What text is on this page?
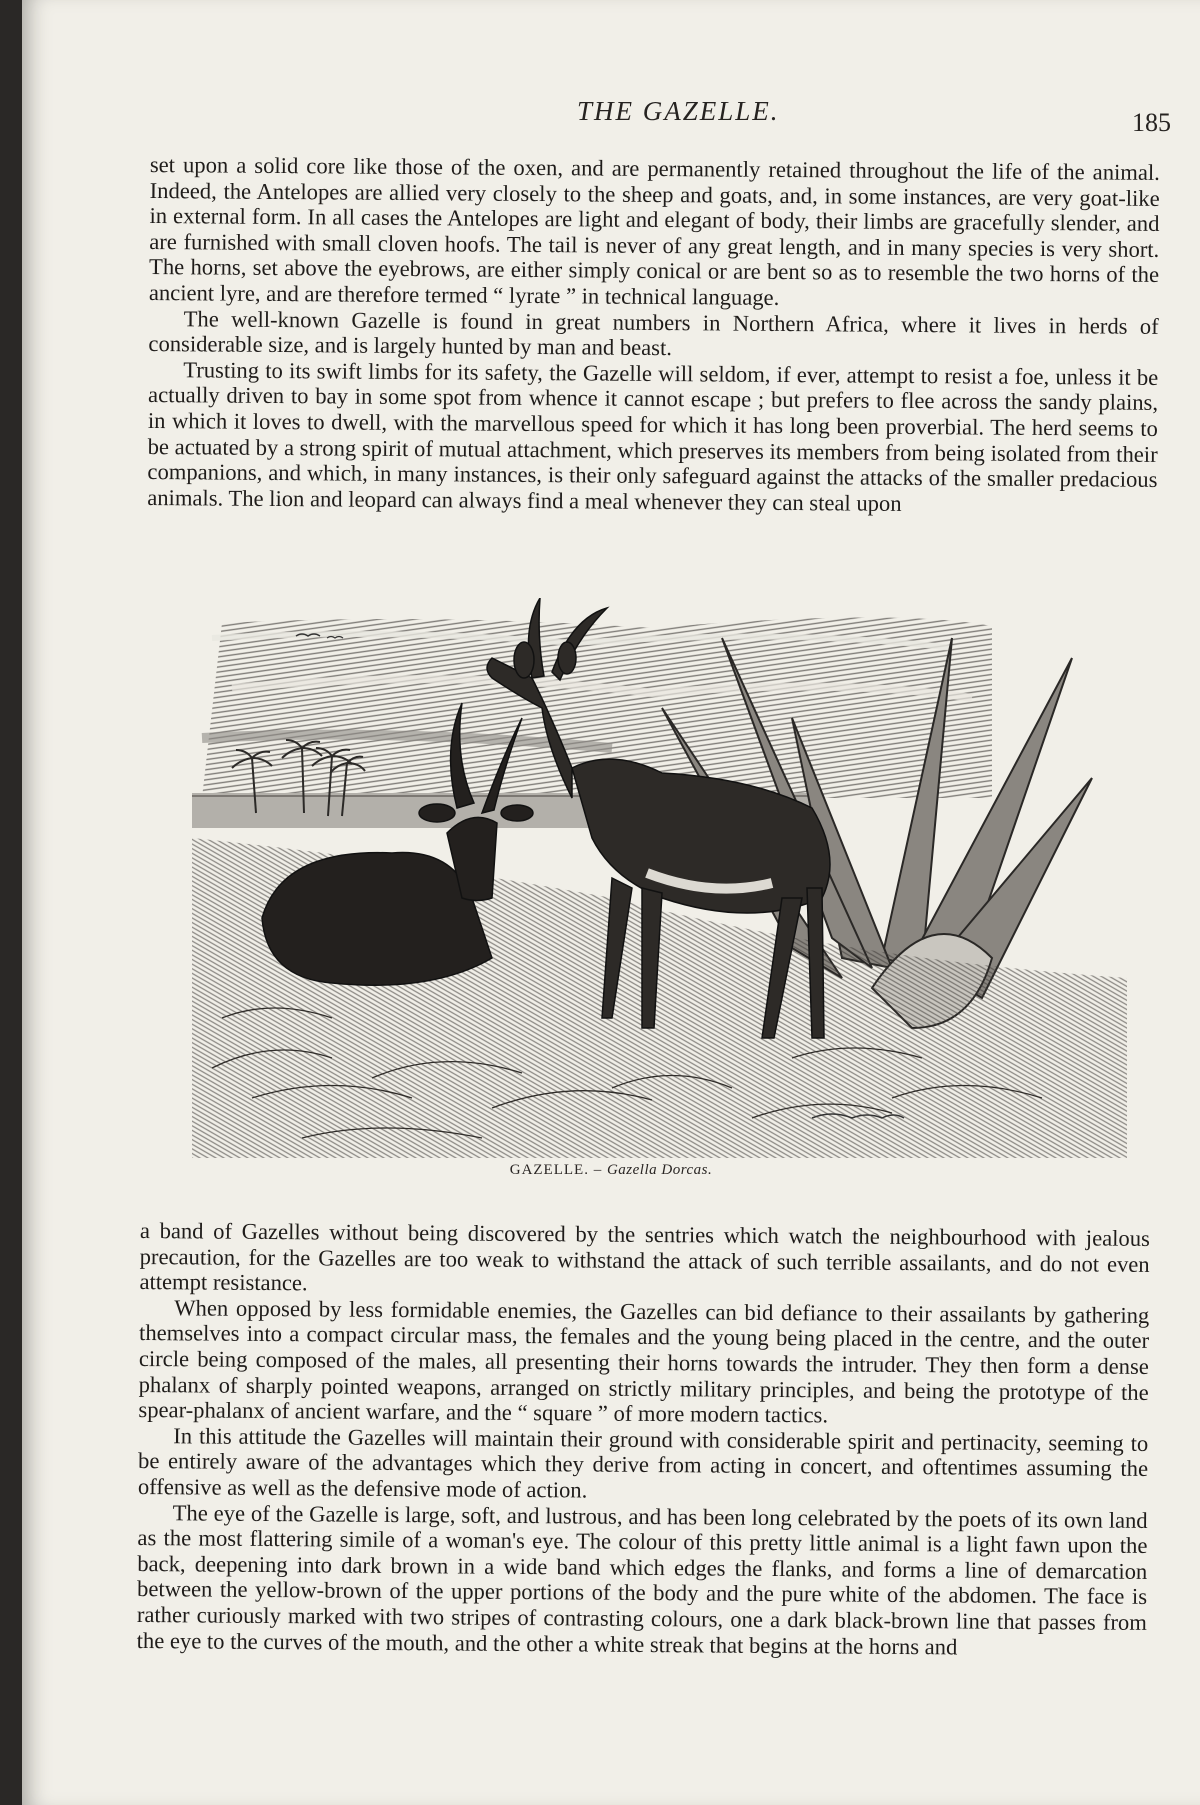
THE GAZELLE.	185

set upon a solid core like those of the oxen, and are permanently retained throughout the life of the animal. Indeed, the Antelopes are allied very closely to the sheep and goats, and, in some instances, are very goat-like in external form. In all cases the Antelopes are light and elegant of body, their limbs are gracefully slender, and are furnished with small cloven hoofs. The tail is never of any great length, and in many species is very short. The horns, set above the eyebrows, are either simply conical or are bent so as to resemble the two horns of the ancient lyre, and are therefore termed “ lyrate ” in technical language.

The well-known Gazelle is found in great numbers in Northern Africa, where it lives in herds of considerable size, and is largely hunted by man and beast.

Trusting to its swift limbs for its safety, the Gazelle will seldom, if ever, attempt to resist a foe, unless it be actually driven to bay in some spot from whence it cannot escape ; but prefers to flee across the sandy plains, in which it loves to dwell, with the marvellous speed for which it has long been proverbial. The herd seems to be actuated by a strong spirit of mutual attachment, which preserves its members from being isolated from their companions, and which, in many instances, is their only safeguard against the attacks of the smaller predacious animals. The lion and leopard can always find a meal whenever they can steal upon

GAZELLE. – Gazella Dorcas.

a band of Gazelles without being discovered by the sentries which watch the neighbourhood with jealous precaution, for the Gazelles are too weak to withstand the attack of such terrible assailants, and do not even attempt resistance.

When opposed by less formidable enemies, the Gazelles can bid defiance to their assailants by gathering themselves into a compact circular mass, the females and the young being placed in the centre, and the outer circle being composed of the males, all presenting their horns towards the intruder. They then form a dense phalanx of sharply pointed weapons, arranged on strictly military principles, and being the prototype of the spear-phalanx of ancient warfare, and the “ square ” of more modern tactics.

In this attitude the Gazelles will maintain their ground with considerable spirit and pertinacity, seeming to be entirely aware of the advantages which they derive from acting in concert, and oftentimes assuming the offensive as well as the defensive mode of action.

The eye of the Gazelle is large, soft, and lustrous, and has been long celebrated by the poets of its own land as the most flattering simile of a woman's eye. The colour of this pretty little animal is a light fawn upon the back, deepening into dark brown in a wide band which edges the flanks, and forms a line of demarcation between the yellow-brown of the upper portions of the body and the pure white of the abdomen. The face is rather curiously marked with two stripes of contrasting colours, one a dark black-brown line that passes from the eye to the curves of the mouth, and the other a white streak that begins at the horns and
